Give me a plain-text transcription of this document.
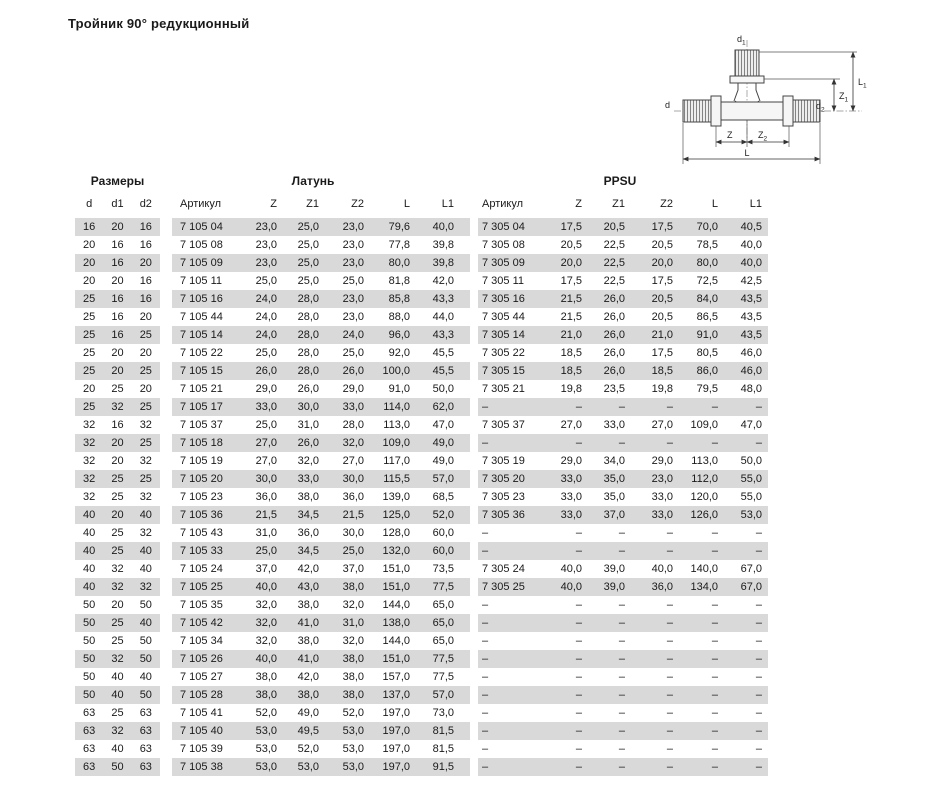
Тройник 90° редукционный
$d_1$
d	$d_2$
Z	$Z_2$
L
$L_1$
$Z_1$
Размеры	Латунь	PPSU
d	d1	d2	Артикул	Z	Z1	Z2	L	L1	Артикул	Z	Z1	Z2	L	L1
16	20	16	7 105 04	23,0	25,0	23,0	79,6	40,0	7 305 04	17,5	20,5	17,5	70,0	40,5
20	16	16	7 105 08	23,0	25,0	23,0	77,8	39,8	7 305 08	20,5	22,5	20,5	78,5	40,0
20	16	20	7 105 09	23,0	25,0	23,0	80,0	39,8	7 305 09	20,0	22,5	20,0	80,0	40,0
20	20	16	7 105 11	25,0	25,0	25,0	81,8	42,0	7 305 11	17,5	22,5	17,5	72,5	42,5
25	16	16	7 105 16	24,0	28,0	23,0	85,8	43,3	7 305 16	21,5	26,0	20,5	84,0	43,5
25	16	20	7 105 44	24,0	28,0	23,0	88,0	44,0	7 305 44	21,5	26,0	20,5	86,5	43,5
25	16	25	7 105 14	24,0	28,0	24,0	96,0	43,3	7 305 14	21,0	26,0	21,0	91,0	43,5
25	20	20	7 105 22	25,0	28,0	25,0	92,0	45,5	7 305 22	18,5	26,0	17,5	80,5	46,0
25	20	25	7 105 15	26,0	28,0	26,0	100,0	45,5	7 305 15	18,5	26,0	18,5	86,0	46,0
20	25	20	7 105 21	29,0	26,0	29,0	91,0	50,0	7 305 21	19,8	23,5	19,8	79,5	48,0
25	32	25	7 105 17	33,0	30,0	33,0	114,0	62,0	–	–	–	–	–	–
32	16	32	7 105 37	25,0	31,0	28,0	113,0	47,0	7 305 37	27,0	33,0	27,0	109,0	47,0
32	20	25	7 105 18	27,0	26,0	32,0	109,0	49,0	–	–	–	–	–	–
32	20	32	7 105 19	27,0	32,0	27,0	117,0	49,0	7 305 19	29,0	34,0	29,0	113,0	50,0
32	25	25	7 105 20	30,0	33,0	30,0	115,5	57,0	7 305 20	33,0	35,0	23,0	112,0	55,0
32	25	32	7 105 23	36,0	38,0	36,0	139,0	68,5	7 305 23	33,0	35,0	33,0	120,0	55,0
40	20	40	7 105 36	21,5	34,5	21,5	125,0	52,0	7 305 36	33,0	37,0	33,0	126,0	53,0
40	25	32	7 105 43	31,0	36,0	30,0	128,0	60,0	–	–	–	–	–	–
40	25	40	7 105 33	25,0	34,5	25,0	132,0	60,0	–	–	–	–	–	–
40	32	40	7 105 24	37,0	42,0	37,0	151,0	73,5	7 305 24	40,0	39,0	40,0	140,0	67,0
40	32	32	7 105 25	40,0	43,0	38,0	151,0	77,5	7 305 25	40,0	39,0	36,0	134,0	67,0
50	20	50	7 105 35	32,0	38,0	32,0	144,0	65,0	–	–	–	–	–	–
50	25	40	7 105 42	32,0	41,0	31,0	138,0	65,0	–	–	–	–	–	–
50	25	50	7 105 34	32,0	38,0	32,0	144,0	65,0	–	–	–	–	–	–
50	32	50	7 105 26	40,0	41,0	38,0	151,0	77,5	–	–	–	–	–	–
50	40	40	7 105 27	38,0	42,0	38,0	157,0	77,5	–	–	–	–	–	–
50	40	50	7 105 28	38,0	38,0	38,0	137,0	57,0	–	–	–	–	–	–
63	25	63	7 105 41	52,0	49,0	52,0	197,0	73,0	–	–	–	–	–	–
63	32	63	7 105 40	53,0	49,5	53,0	197,0	81,5	–	–	–	–	–	–
63	40	63	7 105 39	53,0	52,0	53,0	197,0	81,5	–	–	–	–	–	–
63	50	63	7 105 38	53,0	53,0	53,0	197,0	91,5	–	–	–	–	–	–
